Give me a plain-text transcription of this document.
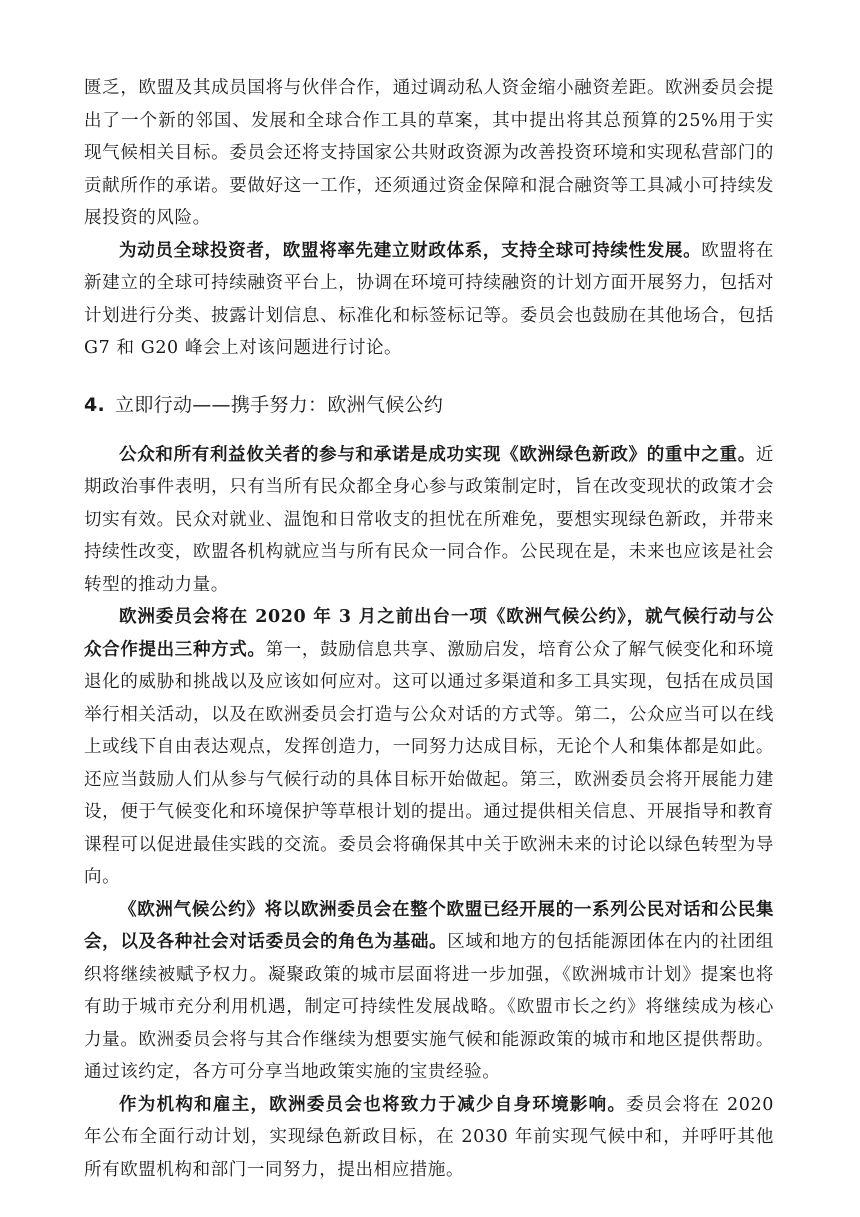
匮乏，欧盟及其成员国将与伙伴合作，通过调动私人资金缩小融资差距。欧洲委员会提出了一个新的邻国、发展和全球合作工具的草案，其中提出将其总预算的25%用于实现气候相关目标。委员会还将支持国家公共财政资源为改善投资环境和实现私营部门的贡献所作的承诺。要做好这一工作，还须通过资金保障和混合融资等工具减小可持续发展投资的风险。

为动员全球投资者，欧盟将率先建立财政体系，支持全球可持续性发展。欧盟将在新建立的全球可持续融资平台上，协调在环境可持续融资的计划方面开展努力，包括对计划进行分类、披露计划信息、标准化和标签标记等。委员会也鼓励在其他场合，包括 G7 和 G20 峰会上对该问题进行讨论。

4. 立即行动——携手努力：欧洲气候公约

公众和所有利益攸关者的参与和承诺是成功实现《欧洲绿色新政》的重中之重。近期政治事件表明，只有当所有民众都全身心参与政策制定时，旨在改变现状的政策才会切实有效。民众对就业、温饱和日常收支的担忧在所难免，要想实现绿色新政，并带来持续性改变，欧盟各机构就应当与所有民众一同合作。公民现在是，未来也应该是社会转型的推动力量。

欧洲委员会将在 2020 年 3 月之前出台一项《欧洲气候公约》，就气候行动与公众合作提出三种方式。第一，鼓励信息共享、激励启发，培育公众了解气候变化和环境退化的威胁和挑战以及应该如何应对。这可以通过多渠道和多工具实现，包括在成员国举行相关活动，以及在欧洲委员会打造与公众对话的方式等。第二，公众应当可以在线上或线下自由表达观点，发挥创造力，一同努力达成目标，无论个人和集体都是如此。还应当鼓励人们从参与气候行动的具体目标开始做起。第三，欧洲委员会将开展能力建设，便于气候变化和环境保护等草根计划的提出。通过提供相关信息、开展指导和教育课程可以促进最佳实践的交流。委员会将确保其中关于欧洲未来的讨论以绿色转型为导向。

《欧洲气候公约》将以欧洲委员会在整个欧盟已经开展的一系列公民对话和公民集会，以及各种社会对话委员会的角色为基础。区域和地方的包括能源团体在内的社团组织将继续被赋予权力。凝聚政策的城市层面将进一步加强，《欧洲城市计划》提案也将有助于城市充分利用机遇，制定可持续性发展战略。《欧盟市长之约》将继续成为核心力量。欧洲委员会将与其合作继续为想要实施气候和能源政策的城市和地区提供帮助。通过该约定，各方可分享当地政策实施的宝贵经验。

作为机构和雇主，欧洲委员会也将致力于减少自身环境影响。委员会将在 2020 年公布全面行动计划，实现绿色新政目标，在 2030 年前实现气候中和，并呼吁其他所有欧盟机构和部门一同努力，提出相应措施。
